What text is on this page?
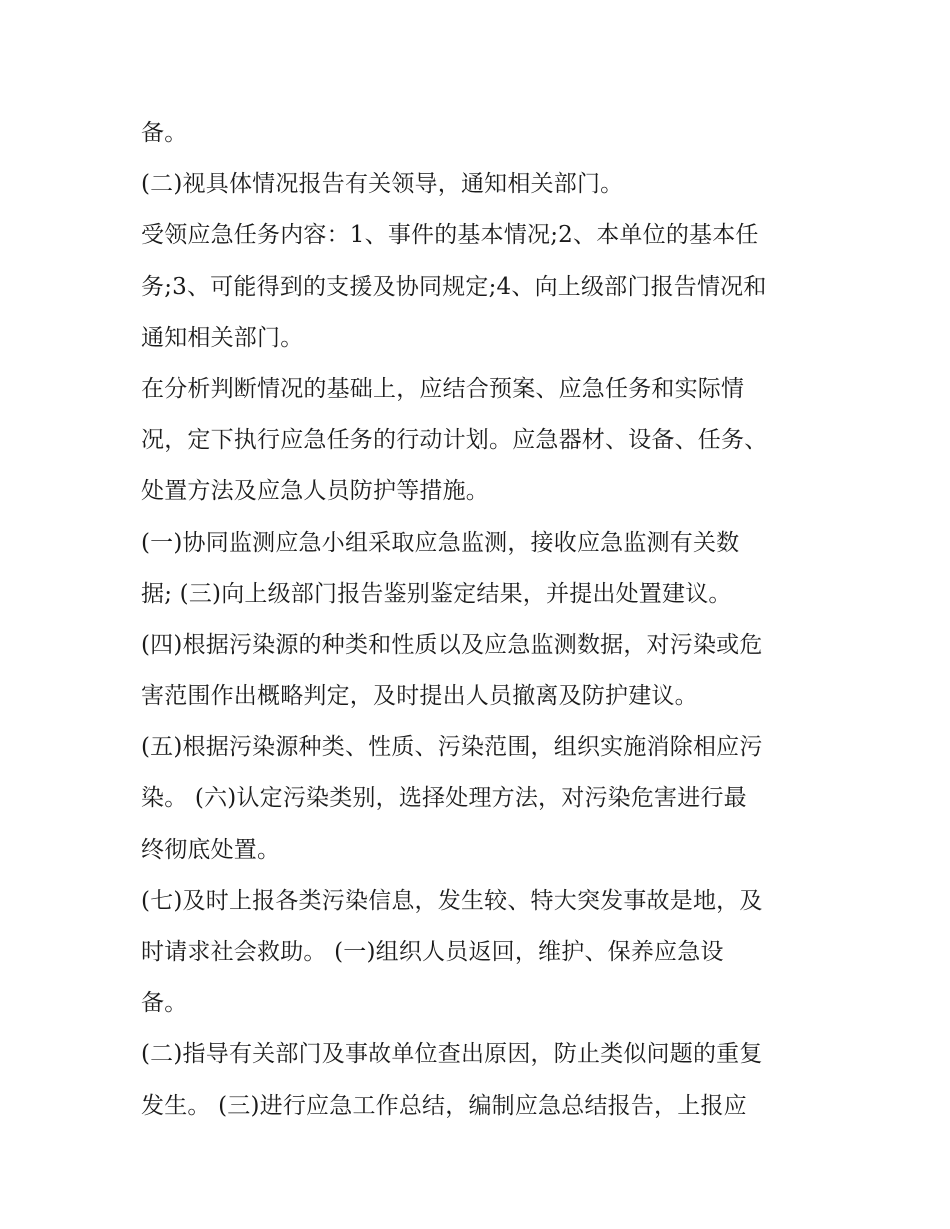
备。
(二)视具体情况报告有关领导，通知相关部门。
受领应急任务内容：1、事件的基本情况;2、本单位的基本任
务;3、可能得到的支援及协同规定;4、向上级部门报告情况和
通知相关部门。
在分析判断情况的基础上，应结合预案、应急任务和实际情
况，定下执行应急任务的行动计划。应急器材、设备、任务、
处置方法及应急人员防护等措施。
(一)协同监测应急小组采取应急监测，接收应急监测有关数
据; (三)向上级部门报告鉴别鉴定结果，并提出处置建议。
(四)根据污染源的种类和性质以及应急监测数据，对污染或危
害范围作出概略判定，及时提出人员撤离及防护建议。
(五)根据污染源种类、性质、污染范围，组织实施消除相应污
染。 (六)认定污染类别，选择处理方法，对污染危害进行最
终彻底处置。
(七)及时上报各类污染信息，发生较、特大突发事故是地，及
时请求社会救助。 (一)组织人员返回，维护、保养应急设
备。
(二)指导有关部门及事故单位查出原因，防止类似问题的重复
发生。 (三)进行应急工作总结，编制应急总结报告，上报应
